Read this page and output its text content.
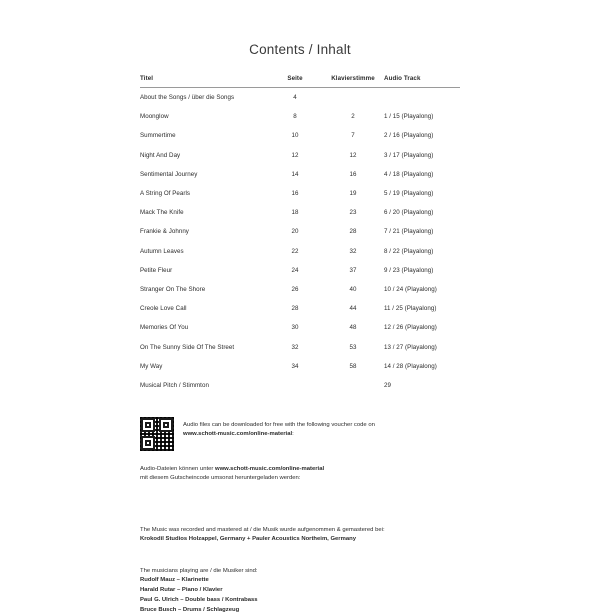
Contents / Inhalt
Titel	Seite	Klavierstimme	Audio Track
About the Songs / über die Songs	4		
Moonglow	8	2	1 / 15 (Playalong)
Summertime	10	7	2 / 16 (Playalong)
Night And Day	12	12	3 / 17 (Playalong)
Sentimental Journey	14	16	4 / 18 (Playalong)
A String Of Pearls	16	19	5 / 19 (Playalong)
Mack The Knife	18	23	6 / 20 (Playalong)
Frankie & Johnny	20	28	7 / 21 (Playalong)
Autumn Leaves	22	32	8 / 22 (Playalong)
Petite Fleur	24	37	9 / 23 (Playalong)
Stranger On The Shore	26	40	10 / 24 (Playalong)
Creole Love Call	28	44	11 / 25 (Playalong)
Memories Of You	30	48	12 / 26 (Playalong)
On The Sunny Side Of The Street	32	53	13 / 27 (Playalong)
My Way	34	58	14 / 28 (Playalong)
Musical Pitch / Stimmton			29
Audio files can be downloaded for free with the following voucher code on
www.schott-music.com/online-material:
Audio-Dateien können unter www.schott-music.com/online-material
mit diesem Gutscheincode umsonst heruntergeladen werden:
The Music was recorded and mastered at / die Musik wurde aufgenommen & gemastered bei:
Krokodil Studios Holzappel, Germany + Pauler Acoustics Northeim, Germany
The musicians playing are / die Musiker sind:
Rudolf Mauz – Klarinette
Harald Rutar – Piano / Klavier
Paul G. Ulrich – Double bass / Kontrabass
Bruce Busch – Drums / Schlagzeug
